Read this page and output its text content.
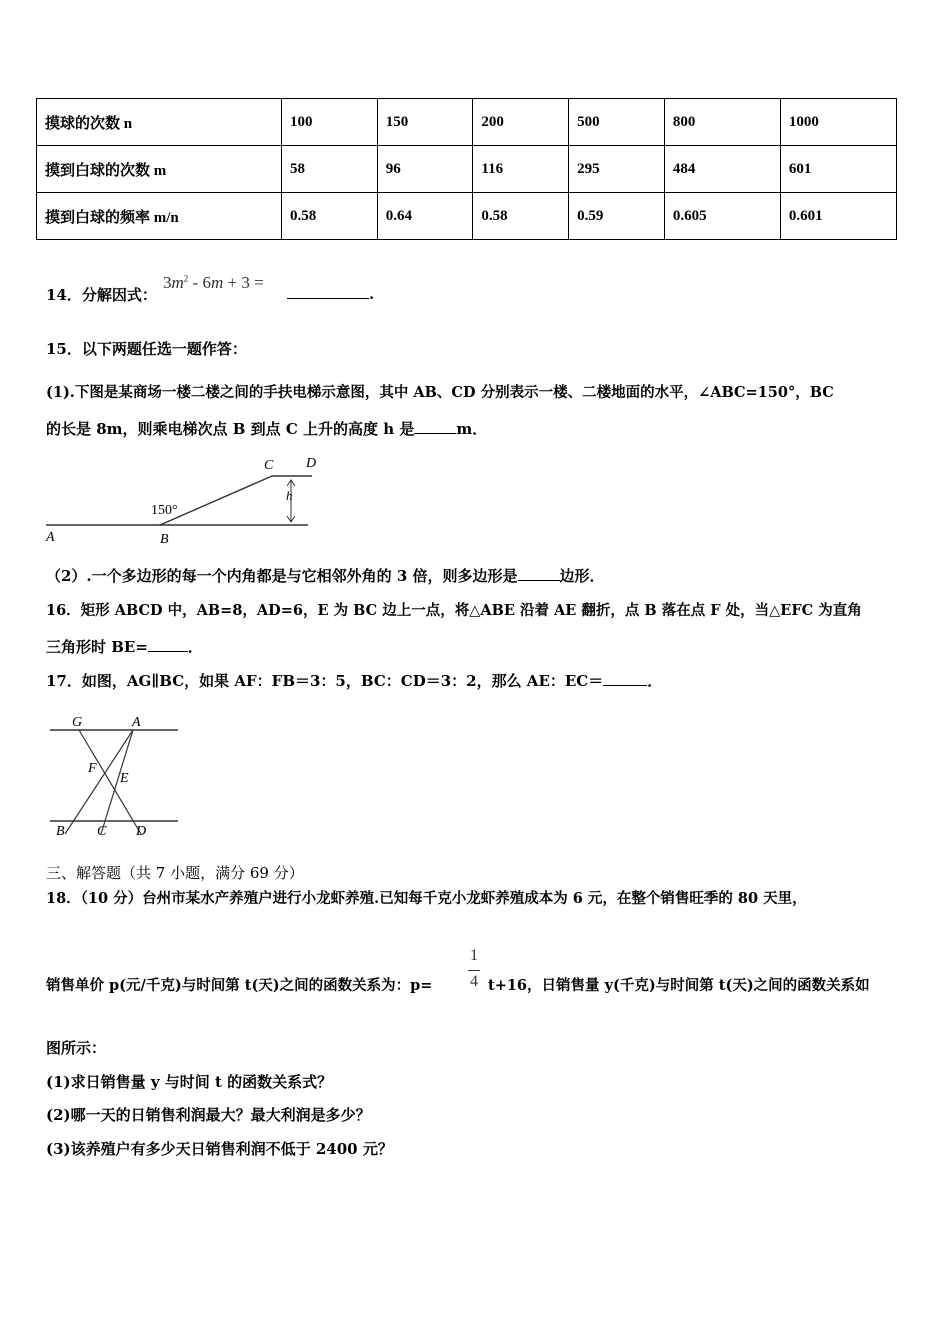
摸球的次数 n	100	150	200	500	800	1000
摸到白球的次数 m	58	96	116	295	484	601
摸到白球的频率 m/n	0.58	0.64	0.58	0.59	0.605	0.601
14．分解因式：
$3m^2 - 6m + 3$ =
.
15．以下两题任选一题作答：
(1).下图是某商场一楼二楼之间的手扶电梯示意图，其中 AB、CD 分别表示一楼、二楼地面的水平，∠ABC=150°，BC
的长是 8m，则乘电梯次点 B 到点 C 上升的高度 h 是	m．
A	B
C D
h
150°
（2）.一个多边形的每一个内角都是与它相邻外角的 3 倍，则多边形是	边形．
16．矩形 ABCD 中，AB=8，AD=6，E 为 BC 边上一点，将△ABE 沿着 AE 翻折，点 B 落在点 F 处，当△EFC 为直角
三角形时 BE=	．
17．如图，AG∥BC，如果 AF：FB＝3：5，BC：CD＝3：2，那么 AE：EC＝	．
G	A
F
E
B C D
三、解答题（共 7 小题，满分 69 分）
18．（10 分）台州市某水产养殖户进行小龙虾养殖.已知每千克小龙虾养殖成本为 6 元，在整个销售旺季的 80 天里，
销售单价 p(元/千克)与时间第 t(天)之间的函数关系为：p=
1
4 t+16，日销售量 y(千克)与时间第 t(天)之间的函数关系如
图所示：
(1)求日销售量 y 与时间 t 的函数关系式？
(2)哪一天的日销售利润最大？最大利润是多少？
(3)该养殖户有多少天日销售利润不低于 2400 元？
